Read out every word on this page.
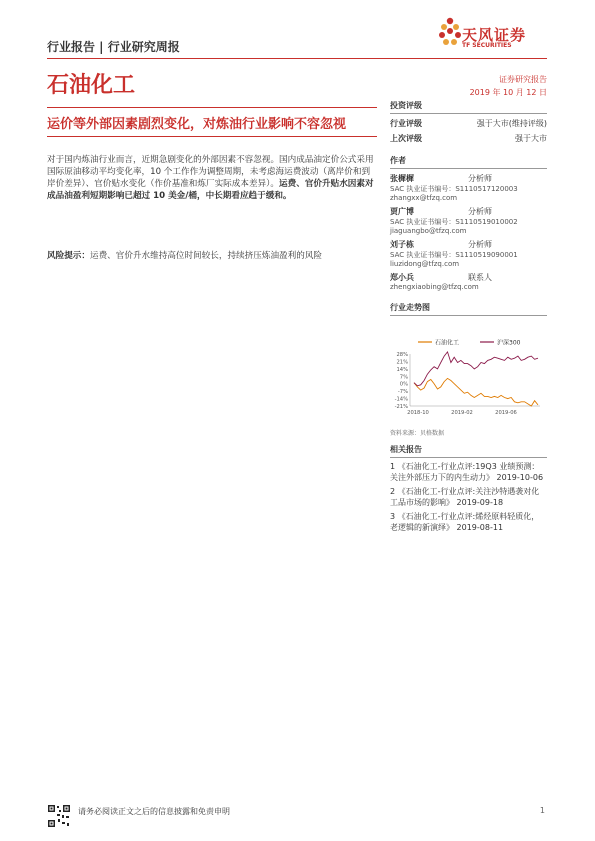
行业报告 | 行业研究周报
天风证券
TF SECURITIES
石油化工
运价等外部因素剧烈变化，对炼油行业影响不容忽视
证券研究报告
2019 年 10 月 12 日
投资评级
行业评级	强于大市(维持评级)
上次评级	强于大市
作者
张樨樨	分析师
SAC 执业证书编号：S1110517120003
zhangxx@tfzq.com
贾广博	分析师
SAC 执业证书编号：S1110519010002
jiaguangbo@tfzq.com
刘子栋	分析师
SAC 执业证书编号：S1110519090001
liuzidong@tfzq.com
郑小兵	联系人
zhengxiaobing@tfzq.com
行业走势图
石油化工	沪深300
28%
21%
14%
7%
0%
-7%
-14%
-21%
2018-10	2019-02	2019-06
资料来源：贝格数据
相关报告
1 《石油化工-行业点评:19Q3 业绩预测：关注外部压力下的内生动力》 2019-10-06
2 《石油化工-行业点评:关注沙特遇袭对化工品市场的影响》 2019-09-18
3 《石油化工-行业点评:烯烃原料轻质化，老逻辑的新演绎》 2019-08-11
对于国内炼油行业而言，近期急剧变化的外部因素不容忽视。国内成品油定价公式采用国际原油移动平均变化率，10 个工作作为调整周期，未考虑海运费波动（离岸价和到岸价差异）、官价贴水变化（作价基准和炼厂实际成本差异）。运费、官价升贴水因素对成品油盈利短期影响已超过 10 美金/桶，中长期看应趋于缓和。
风险提示：运费、官价升水维持高位时间较长，持续挤压炼油盈利的风险
请务必阅读正文之后的信息披露和免责申明	1
